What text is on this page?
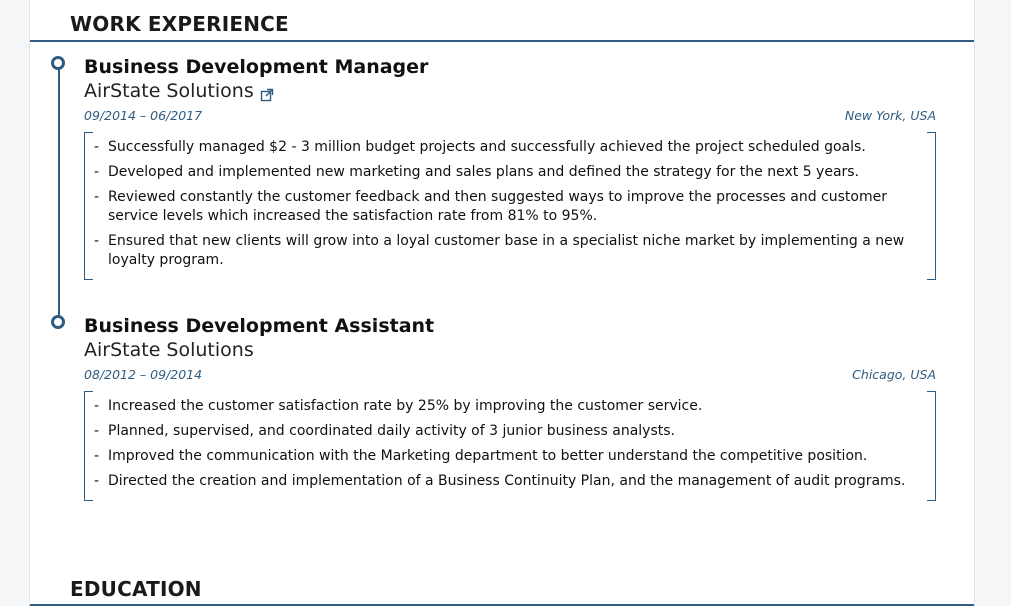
WORK EXPERIENCE
Business Development Manager
AirState Solutions
09/2014 – 06/2017	New York, USA
- Successfully managed $2 - 3 million budget projects and successfully achieved the project scheduled goals.
- Developed and implemented new marketing and sales plans and defined the strategy for the next 5 years.
- Reviewed constantly the customer feedback and then suggested ways to improve the processes and customer service levels which increased the satisfaction rate from 81% to 95%.
- Ensured that new clients will grow into a loyal customer base in a specialist niche market by implementing a new loyalty program.
Business Development Assistant
AirState Solutions
08/2012 – 09/2014	Chicago, USA
- Increased the customer satisfaction rate by 25% by improving the customer service.
- Planned, supervised, and coordinated daily activity of 3 junior business analysts.
- Improved the communication with the Marketing department to better understand the competitive position.
- Directed the creation and implementation of a Business Continuity Plan, and the management of audit programs.
EDUCATION
